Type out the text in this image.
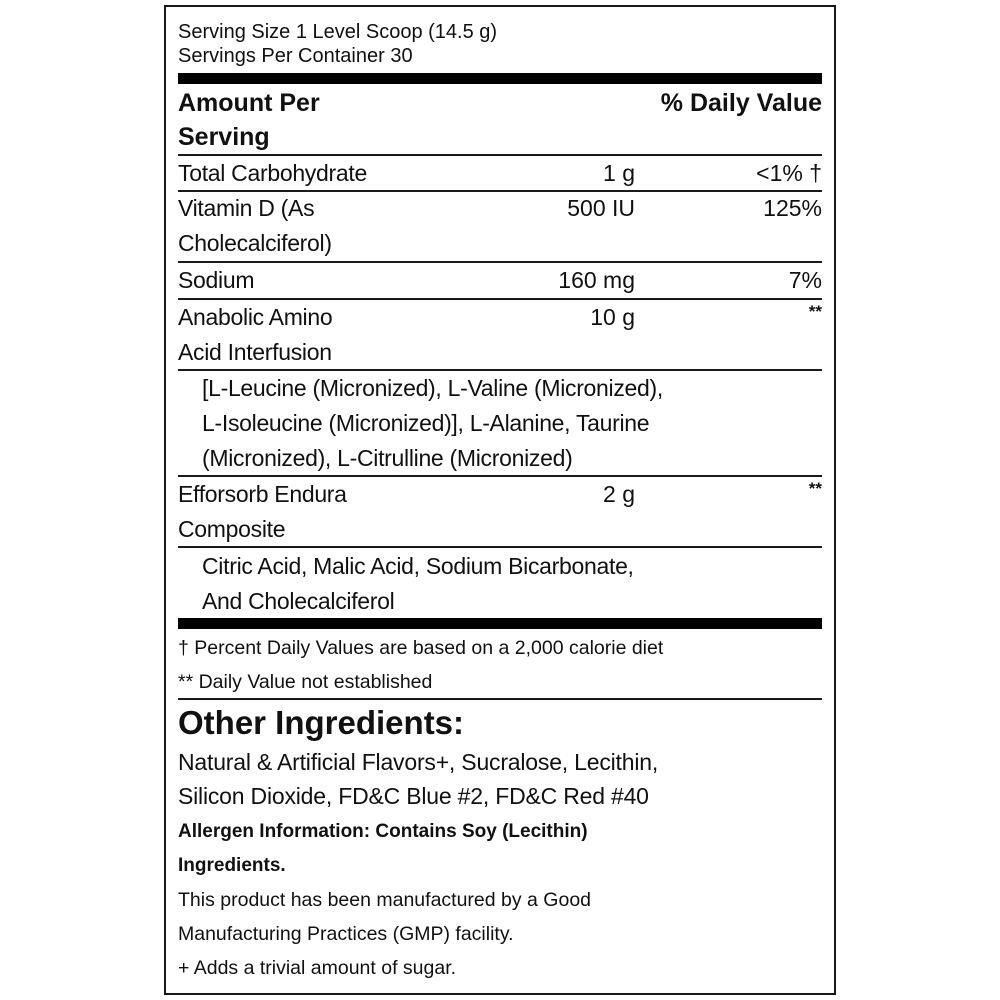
Serving Size 1 Level Scoop (14.5 g)
Servings Per Container 30
Amount Per
Serving
% Daily Value
Total Carbohydrate	1 g	<1% †
Vitamin D (As
Cholecalciferol)
500 IU	125%
Sodium	160 mg	7%
Anabolic Amino
Acid Interfusion
10 g	**
[L-Leucine (Micronized), L-Valine (Micronized),
L-Isoleucine (Micronized)], L-Alanine, Taurine
(Micronized), L-Citrulline (Micronized)
Efforsorb Endura
Composite
2 g	**
Citric Acid, Malic Acid, Sodium Bicarbonate,
And Cholecalciferol
† Percent Daily Values are based on a 2,000 calorie diet
** Daily Value not established
Other Ingredients:
Natural & Artificial Flavors+, Sucralose, Lecithin,
Silicon Dioxide, FD&C Blue #2, FD&C Red #40
Allergen Information: Contains Soy (Lecithin)
Ingredients.
This product has been manufactured by a Good
Manufacturing Practices (GMP) facility.
+ Adds a trivial amount of sugar.
